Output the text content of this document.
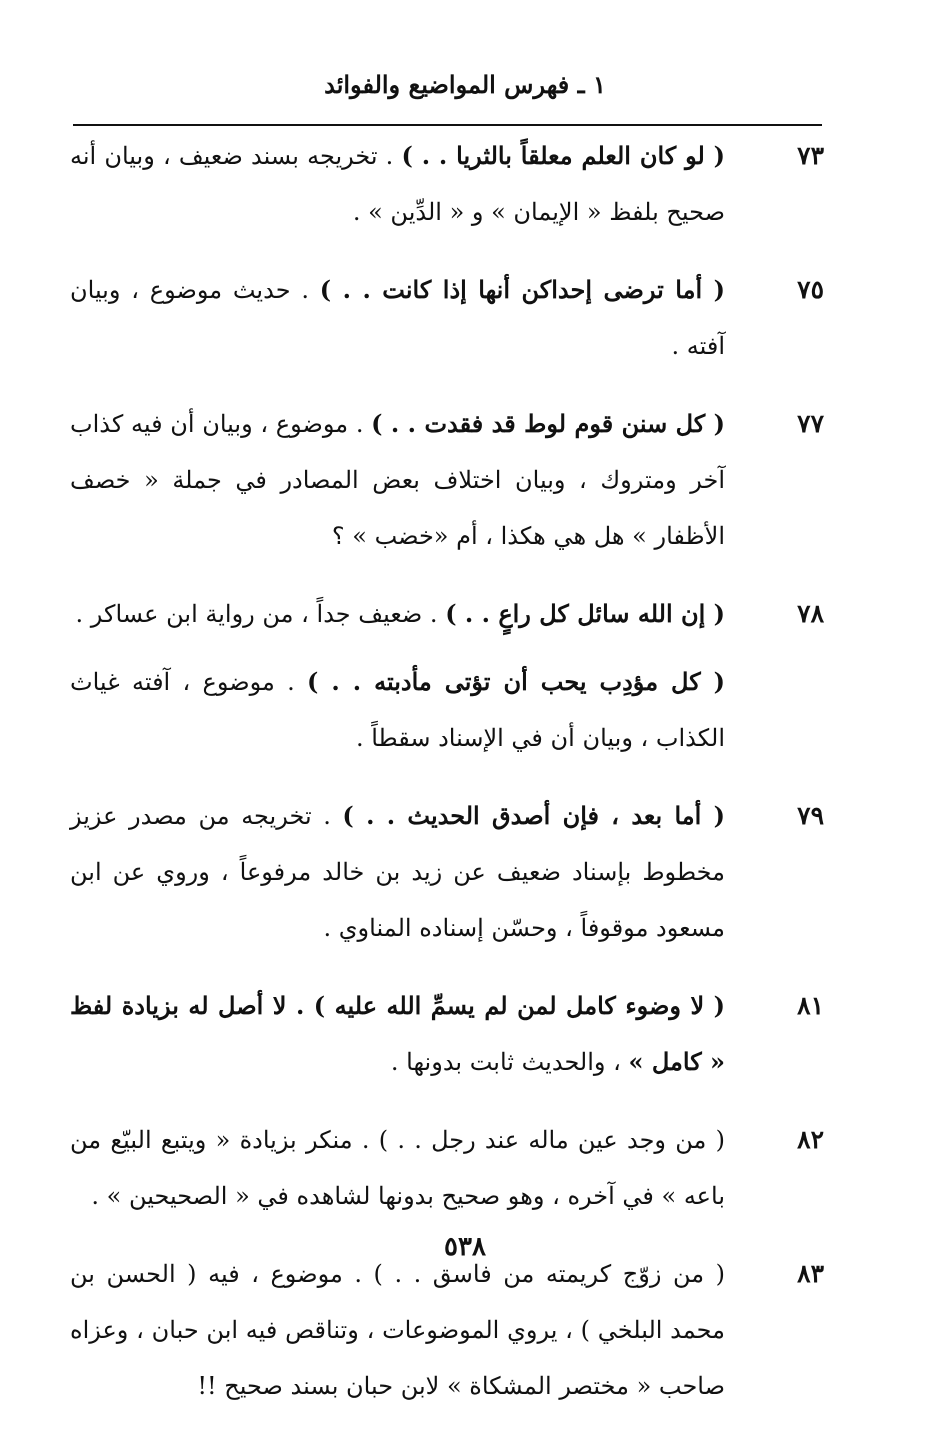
١ ـ فهرس المواضيع والفوائد
٧٣
( لو كان العلم معلقاً بالثريا . . ) . تخريجه بسند ضعيف ، وبيان أنه صحيح بلفظ « الإيمان » و « الدِّين » .
٧٥
( أما ترضى إحداكن أنها إذا كانت . . ) . حديث موضوع ، وبيان آفته .
٧٧
( كل سنن قوم لوط قد فقدت . . ) . موضوع ، وبيان أن فيه كذاب آخر ومتروك ، وبيان اختلاف بعض المصادر في جملة « خصف الأظفار » هل هي هكذا ، أم «خضب » ؟
٧٨
( إن الله سائل كل راعٍ . . ) . ضعيف جداً ، من رواية ابن عساكر .
( كل مؤدِب يحب أن تؤتى مأدبته . . ) . موضوع ، آفته غياث الكذاب ، وبيان أن في الإسناد سقطاً .
٧٩
( أما بعد ، فإن أصدق الحديث . . ) . تخريجه من مصدر عزيز مخطوط بإسناد ضعيف عن زيد بن خالد مرفوعاً ، وروي عن ابن مسعود موقوفاً ، وحسّن إسناده المناوي .
٨١
( لا وضوء كامل لمن لم يسمِّ الله عليه ) . لا أصل له بزيادة لفظ « كامل » ، والحديث ثابت بدونها .
٨٢
( من وجد عين ماله عند رجل . . ) . منكر بزيادة « ويتبع البيّع من باعه » في آخره ، وهو صحيح بدونها لشاهده في « الصحيحين » .
٨٣
( من زوّج كريمته من فاسق . . ) . موضوع ، فيه ( الحسن بن محمد البلخي ) ، يروي الموضوعات ، وتناقص فيه ابن حبان ، وعزاه صاحب « مختصر المشكاة » لابن حبان بسند صحيح !!
٥٣٨
